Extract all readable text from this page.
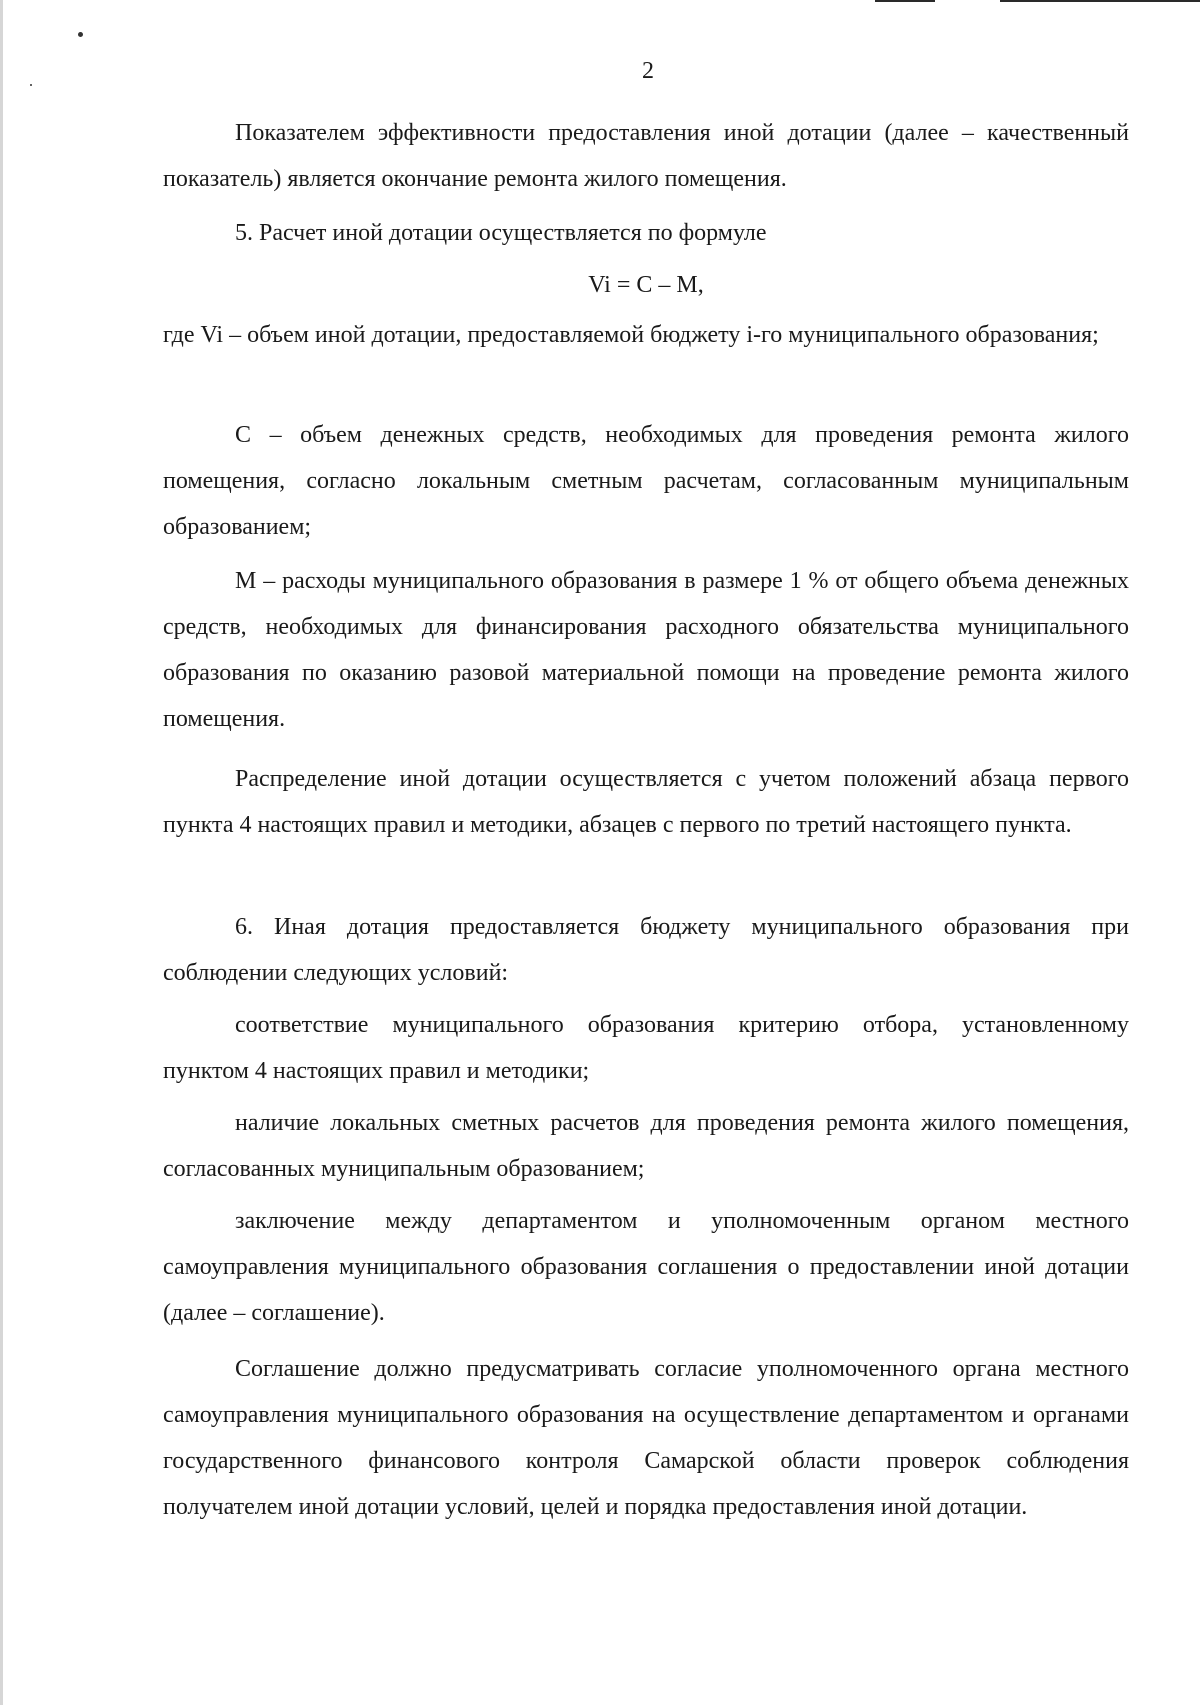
2

Показателем эффективности предоставления иной дотации (далее – качественный показатель) является окончание ремонта жилого помещения.

5. Расчет иной дотации осуществляется по формуле

Vi = C – M,

где Vi – объем иной дотации, предоставляемой бюджету i-го муниципального образования;

C – объем денежных средств, необходимых для проведения ремонта жилого помещения, согласно локальным сметным расчетам, согласованным муниципальным образованием;

M – расходы муниципального образования в размере 1 % от общего объема денежных средств, необходимых для финансирования расходного обязательства муниципального образования по оказанию разовой материальной помощи на проведение ремонта жилого помещения.

Распределение иной дотации осуществляется с учетом положений абзаца первого пункта 4 настоящих правил и методики, абзацев с первого по третий настоящего пункта.

6. Иная дотация предоставляется бюджету муниципального образования при соблюдении следующих условий:

соответствие муниципального образования критерию отбора, установленному пунктом 4 настоящих правил и методики;

наличие локальных сметных расчетов для проведения ремонта жилого помещения, согласованных муниципальным образованием;

заключение между департаментом и уполномоченным органом местного самоуправления муниципального образования соглашения о предоставлении иной дотации (далее – соглашение).

Соглашение должно предусматривать согласие уполномоченного органа местного самоуправления муниципального образования на осуществление департаментом и органами государственного финансового контроля Самарской области проверок соблюдения получателем иной дотации условий, целей и порядка предоставления иной дотации.
